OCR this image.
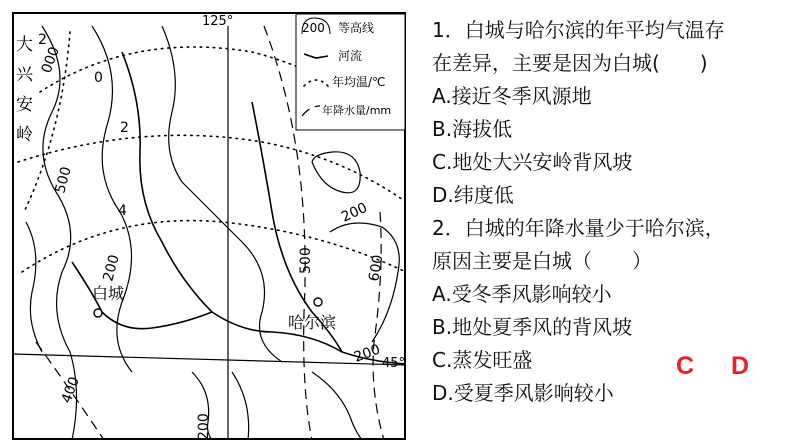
大
兴
安
岭
白城
哈尔滨
125°
45°
000
500
200
200
500	600
200
400
200
2
0
2
4
200 等高线
河流
年均温/℃
年降水量/mm
1．白城与哈尔滨的年平均气温存
在差异，主要是因为白城(　　)
A.接近冬季风源地
B.海拔低
C.地处大兴安岭背风坡
D.纬度低
2．白城的年降水量少于哈尔滨，
原因主要是白城（　　）
A.受冬季风影响较小
B.地处夏季风的背风坡
C.蒸发旺盛
D.受夏季风影响较小
C D
